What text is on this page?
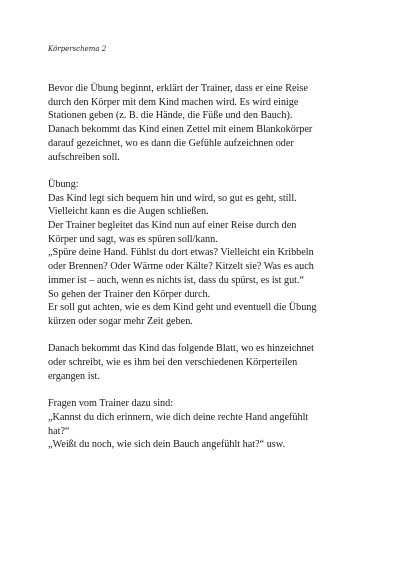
Körperschema 2

Bevor die Übung beginnt, erklärt der Trainer, dass er eine Reise
durch den Körper mit dem Kind machen wird. Es wird einige
Stationen geben (z. B. die Hände, die Füße und den Bauch).
Danach bekommt das Kind einen Zettel mit einem Blankokörper
darauf gezeichnet, wo es dann die Gefühle aufzeichnen oder
aufschreiben soll.

Übung:
Das Kind legt sich bequem hin und wird, so gut es geht, still.
Vielleicht kann es die Augen schließen.
Der Trainer begleitet das Kind nun auf einer Reise durch den
Körper und sagt, was es spüren soll/kann.
„Spüre deine Hand. Fühlst du dort etwas? Vielleicht ein Kribbeln
oder Brennen? Oder Wärme oder Kälte? Kitzelt sie? Was es auch
immer ist – auch, wenn es nichts ist, dass du spürst, es ist gut.“
So gehen der Trainer den Körper durch.
Er soll gut achten, wie es dem Kind geht und eventuell die Übung
kürzen oder sogar mehr Zeit geben.

Danach bekommt das Kind das folgende Blatt, wo es hinzeichnet
oder schreibt, wie es ihm bei den verschiedenen Körperteilen
ergangen ist.

Fragen vom Trainer dazu sind:
„Kannst du dich erinnern, wie dich deine rechte Hand angefühlt
hat?“
„Weißt du noch, wie sich dein Bauch angefühlt hat?“ usw.
